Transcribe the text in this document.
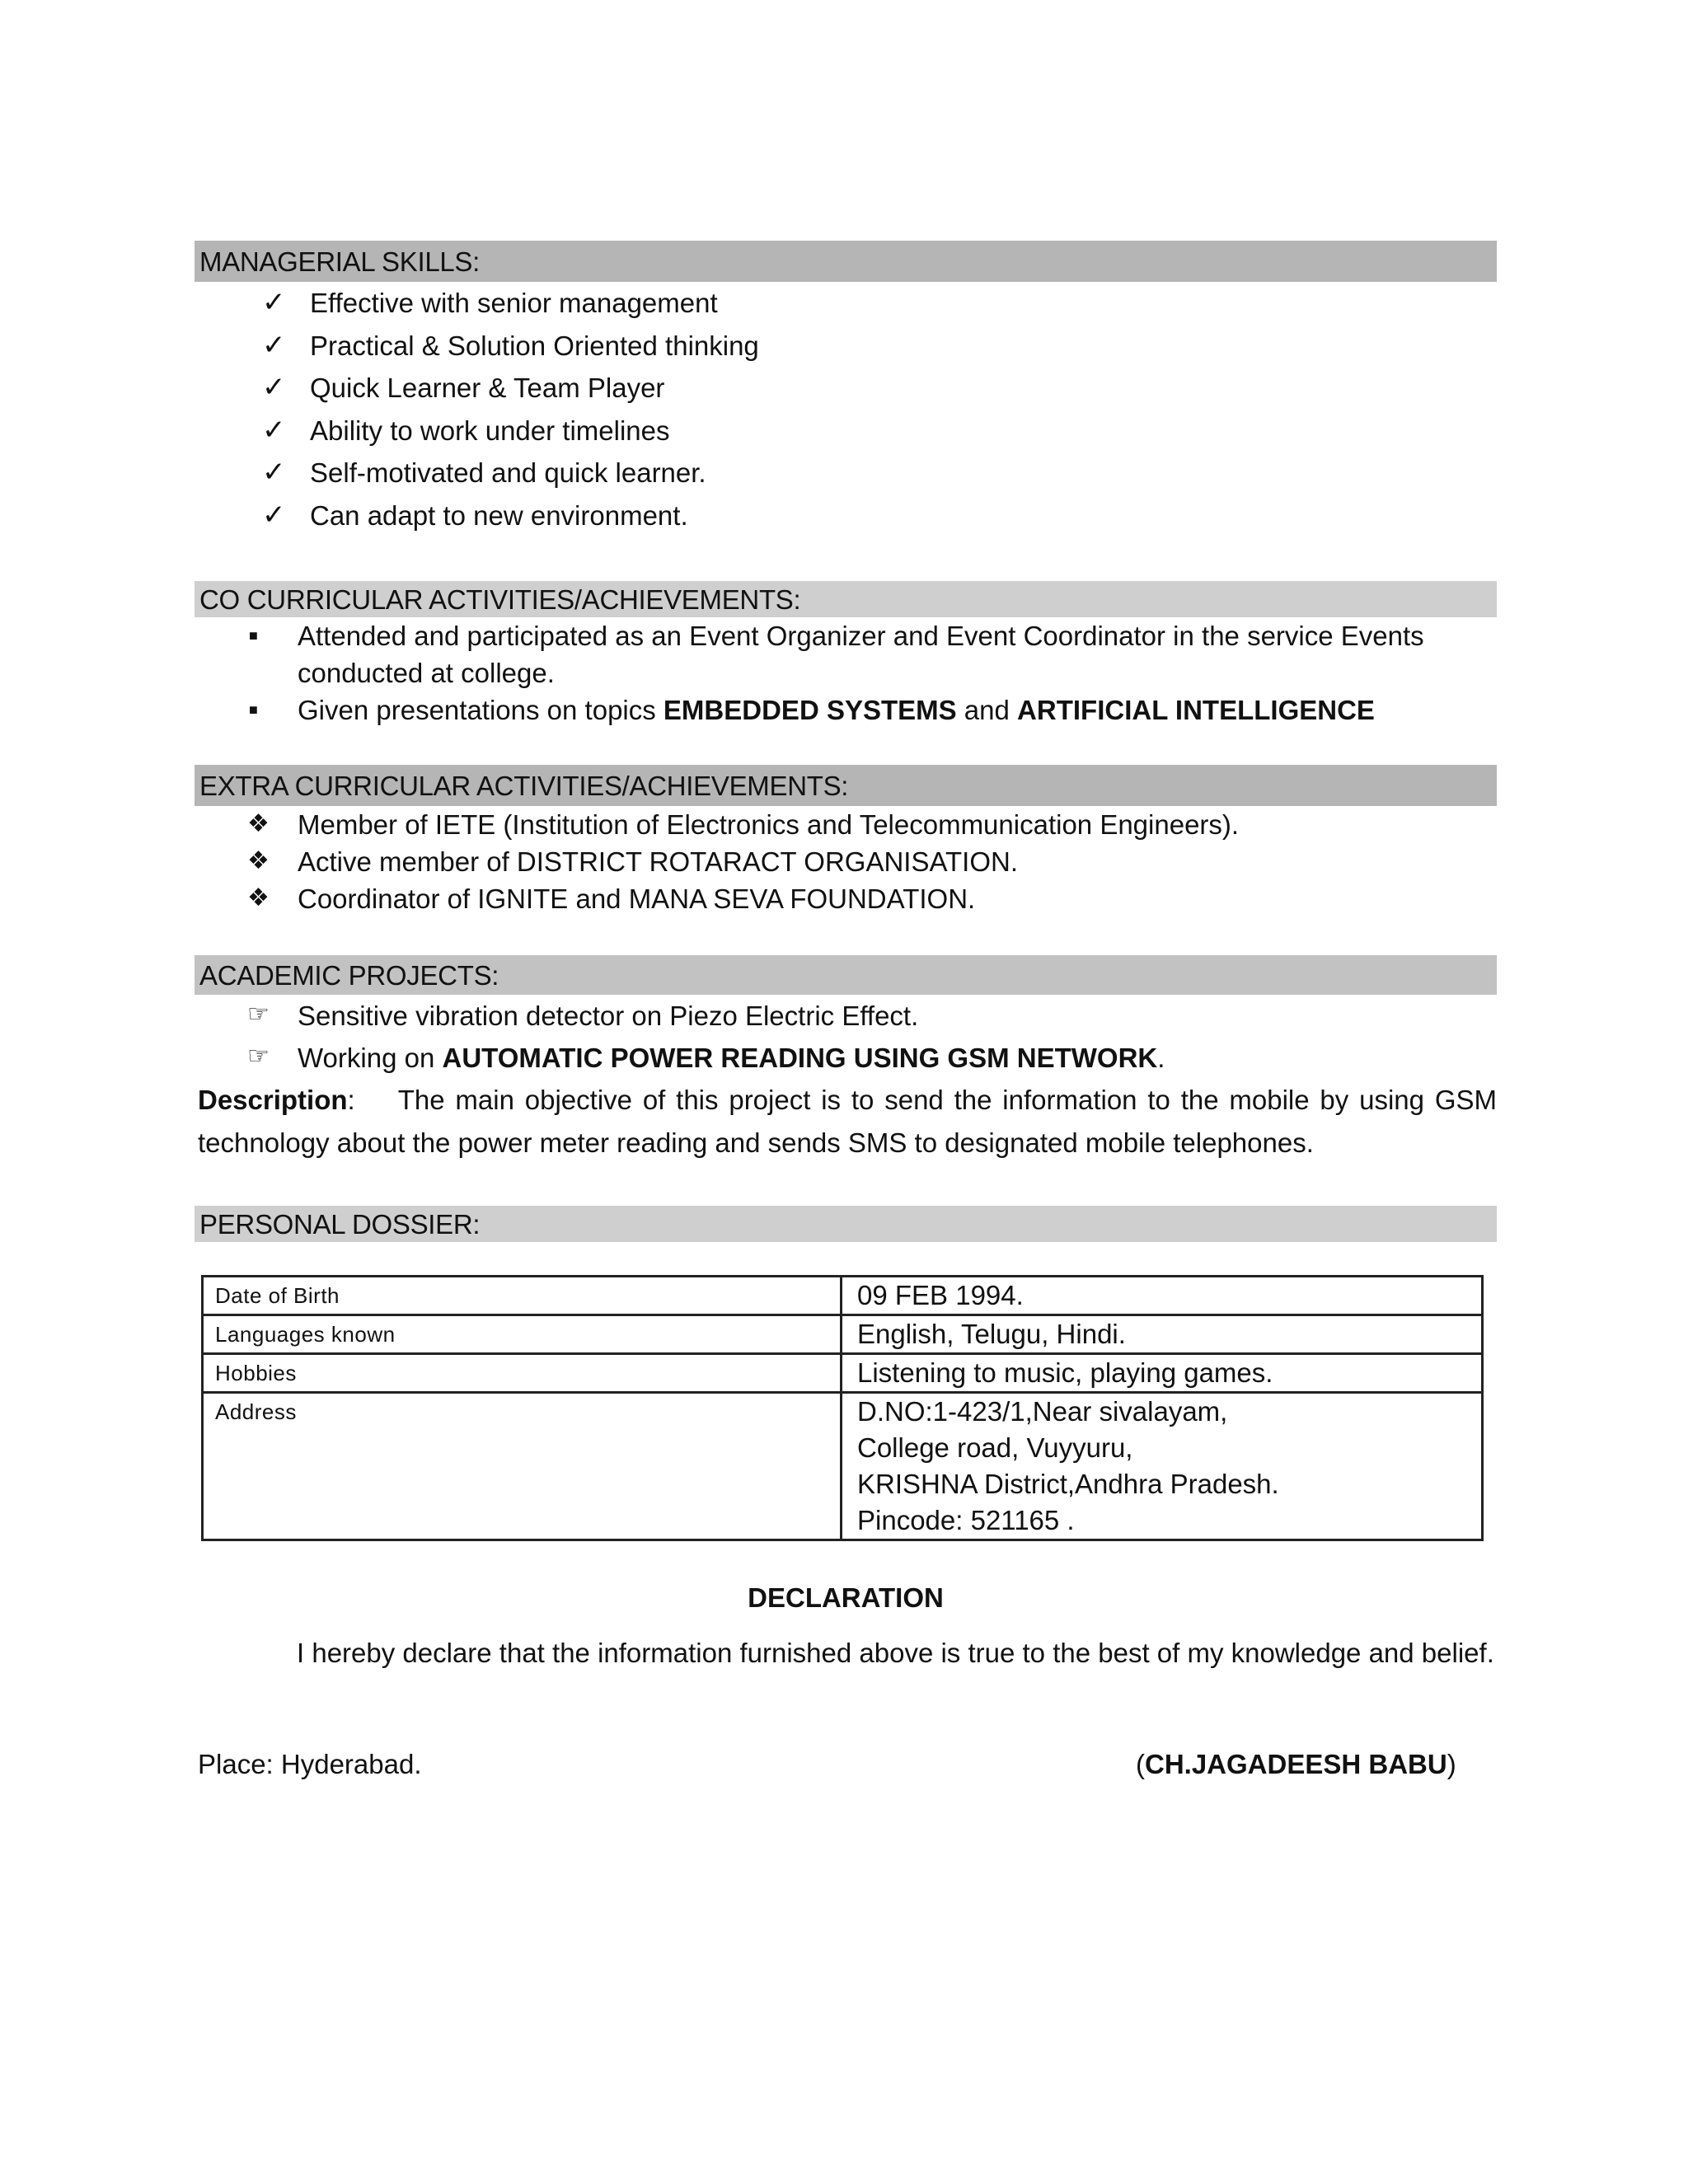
MANAGERIAL SKILLS:
✓ Effective with senior management
✓ Practical & Solution Oriented thinking
✓ Quick Learner & Team Player
✓ Ability to work under timelines
✓ Self-motivated and quick learner.
✓ Can adapt to new environment.
CO CURRICULAR ACTIVITIES/ACHIEVEMENTS:
■ Attended and participated as an Event Organizer and Event Coordinator in the service Events conducted at college.
■ Given presentations on topics EMBEDDED SYSTEMS and ARTIFICIAL INTELLIGENCE
EXTRA CURRICULAR ACTIVITIES/ACHIEVEMENTS:
❖ Member of IETE (Institution of Electronics and Telecommunication Engineers).
❖ Active member of DISTRICT ROTARACT ORGANISATION.
❖ Coordinator of IGNITE and MANA SEVA FOUNDATION.
ACADEMIC PROJECTS:
☞ Sensitive vibration detector on Piezo Electric Effect.
☞ Working on AUTOMATIC POWER READING USING GSM NETWORK.

Description: The main objective of this project is to send the information to the mobile by using GSM technology about the power meter reading and sends SMS to designated mobile telephones.

PERSONAL DOSSIER:
Date of Birth	09 FEB 1994.
Languages known	English, Telugu, Hindi.
Hobbies	Listening to music, playing games.
Address	D.NO:1-423/1,Near sivalayam,
College road, Vuyyuru,
KRISHNA District,Andhra Pradesh.
Pincode: 521165 .

DECLARATION

I hereby declare that the information furnished above is true to the best of my knowledge and belief.

Place: Hyderabad.	(CH.JAGADEESH BABU)
